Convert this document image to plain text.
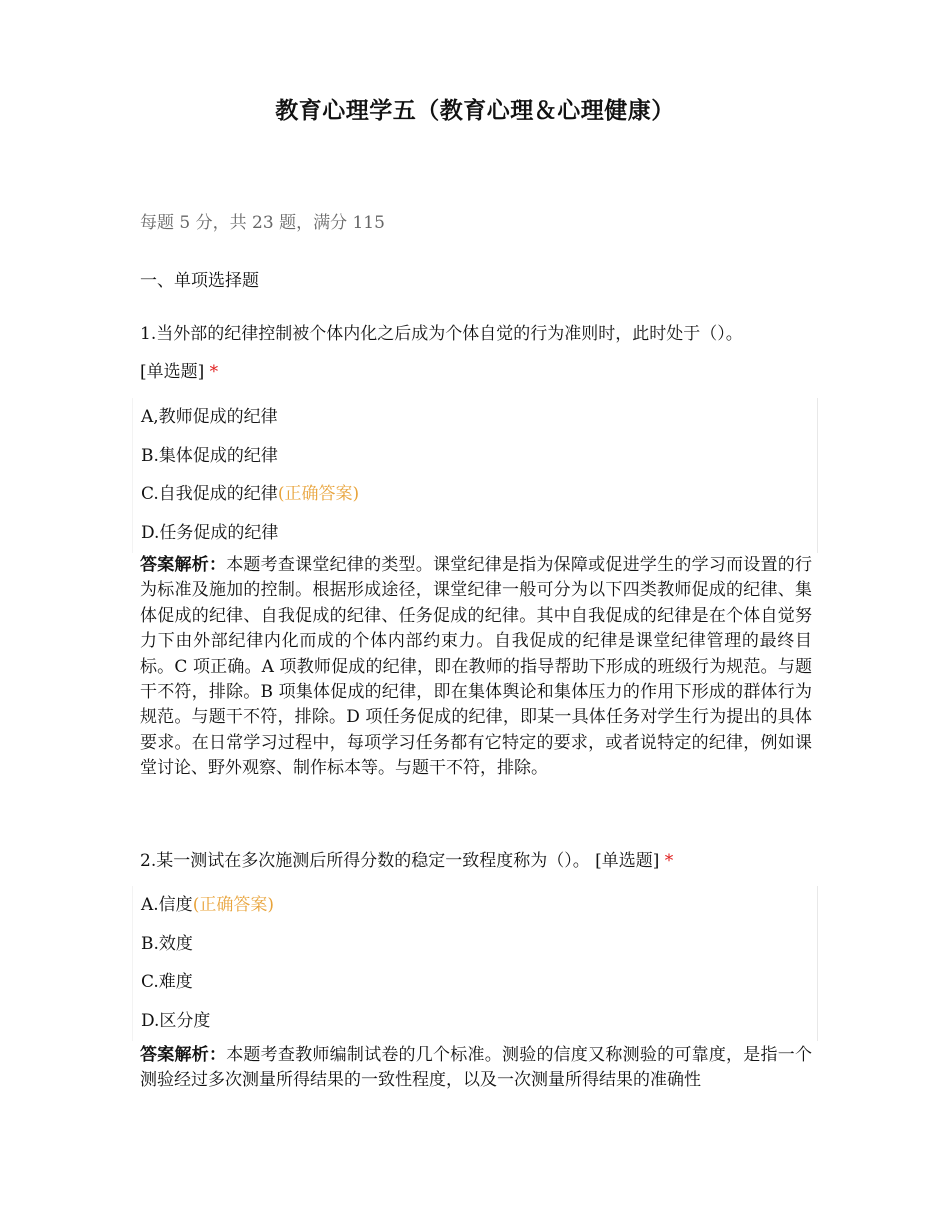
教育心理学五（教育心理＆心理健康）
每题 5 分，共 23 题，满分 115
一、单项选择题
1.当外部的纪律控制被个体内化之后成为个体自觉的行为准则时，此时处于（）。
[单选题] *
A,教师促成的纪律
B.集体促成的纪律
C.自我促成的纪律(正确答案)
D.任务促成的纪律
答案解析：本题考查课堂纪律的类型。课堂纪律是指为保障或促进学生的学习而设置的行为标准及施加的控制。根据形成途径，课堂纪律一般可分为以下四类教师促成的纪律、集体促成的纪律、自我促成的纪律、任务促成的纪律。其中自我促成的纪律是在个体自觉努力下由外部纪律内化而成的个体内部约束力。自我促成的纪律是课堂纪律管理的最终目标。C 项正确。A 项教师促成的纪律，即在教师的指导帮助下形成的班级行为规范。与题干不符，排除。B 项集体促成的纪律，即在集体舆论和集体压力的作用下形成的群体行为规范。与题干不符，排除。D 项任务促成的纪律，即某一具体任务对学生行为提出的具体要求。在日常学习过程中，每项学习任务都有它特定的要求，或者说特定的纪律，例如课堂讨论、野外观察、制作标本等。与题干不符，排除。
2.某一测试在多次施测后所得分数的稳定一致程度称为（）。 [单选题] *
A.信度(正确答案)
B.效度
C.难度
D.区分度
答案解析：本题考查教师编制试卷的几个标准。测验的信度又称测验的可靠度，是指一个测验经过多次测量所得结果的一致性程度，以及一次测量所得结果的准确性
